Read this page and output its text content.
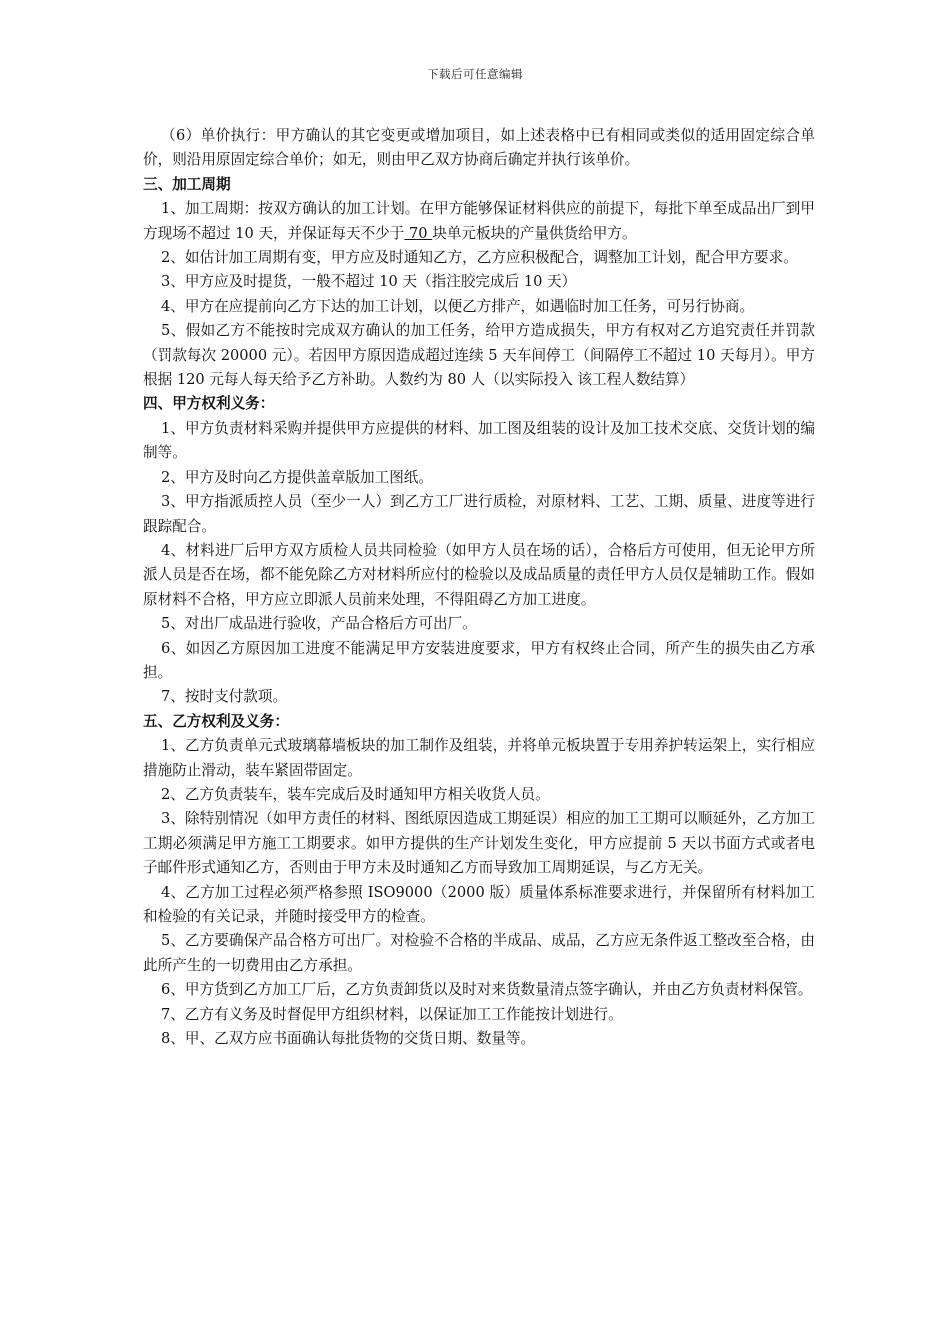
下载后可任意编辑

（6）单价执行：甲方确认的其它变更或增加项目，如上述表格中已有相同或类似的适用固定综合单价，则沿用原固定综合单价；如无，则由甲乙双方协商后确定并执行该单价。

三、加工周期

1、加工周期：按双方确认的加工计划。在甲方能够保证材料供应的前提下，每批下单至成品出厂到甲方现场不超过 10 天，并保证每天不少于 70 块单元板块的产量供货给甲方。

2、如估计加工周期有变，甲方应及时通知乙方，乙方应积极配合，调整加工计划，配合甲方要求。

3、甲方应及时提货，一般不超过 10 天（指注胶完成后 10 天）

4、甲方在应提前向乙方下达的加工计划，以便乙方排产，如遇临时加工任务，可另行协商。

5、假如乙方不能按时完成双方确认的加工任务，给甲方造成损失，甲方有权对乙方追究责任并罚款（罚款每次 20000 元）。若因甲方原因造成超过连续 5 天车间停工（间隔停工不超过 10 天每月）。甲方根据 120 元每人每天给予乙方补助。人数约为 80 人（以实际投入 该工程人数结算）

四、甲方权利义务：

1、甲方负责材料采购并提供甲方应提供的材料、加工图及组装的设计及加工技术交底、交货计划的编制等。

2、甲方及时向乙方提供盖章版加工图纸。

3、甲方指派质控人员（至少一人）到乙方工厂进行质检，对原材料、工艺、工期、质量、进度等进行跟踪配合。

4、材料进厂后甲方双方质检人员共同检验（如甲方人员在场的话），合格后方可使用，但无论甲方所派人员是否在场，都不能免除乙方对材料所应付的检验以及成品质量的责任甲方人员仅是辅助工作。假如原材料不合格，甲方应立即派人员前来处理，不得阻碍乙方加工进度。

5、对出厂成品进行验收，产品合格后方可出厂。

6、如因乙方原因加工进度不能满足甲方安装进度要求，甲方有权终止合同，所产生的损失由乙方承担。

7、按时支付款项。

五、乙方权利及义务：

1、乙方负责单元式玻璃幕墙板块的加工制作及组装，并将单元板块置于专用养护转运架上，实行相应措施防止滑动，装车紧固带固定。

2、乙方负责装车，装车完成后及时通知甲方相关收货人员。

3、除特别情况（如甲方责任的材料、图纸原因造成工期延误）相应的加工工期可以顺延外，乙方加工工期必须满足甲方施工工期要求。如甲方提供的生产计划发生变化，甲方应提前 5 天以书面方式或者电子邮件形式通知乙方，否则由于甲方未及时通知乙方而导致加工周期延误，与乙方无关。

4、乙方加工过程必须严格参照 ISO9000（2000 版）质量体系标准要求进行，并保留所有材料加工和检验的有关记录，并随时接受甲方的检查。

5、乙方要确保产品合格方可出厂。对检验不合格的半成品、成品，乙方应无条件返工整改至合格，由此所产生的一切费用由乙方承担。

6、甲方货到乙方加工厂后，乙方负责卸货以及时对来货数量清点签字确认，并由乙方负责材料保管。

7、乙方有义务及时督促甲方组织材料，以保证加工工作能按计划进行。

8、甲、乙双方应书面确认每批货物的交货日期、数量等。
